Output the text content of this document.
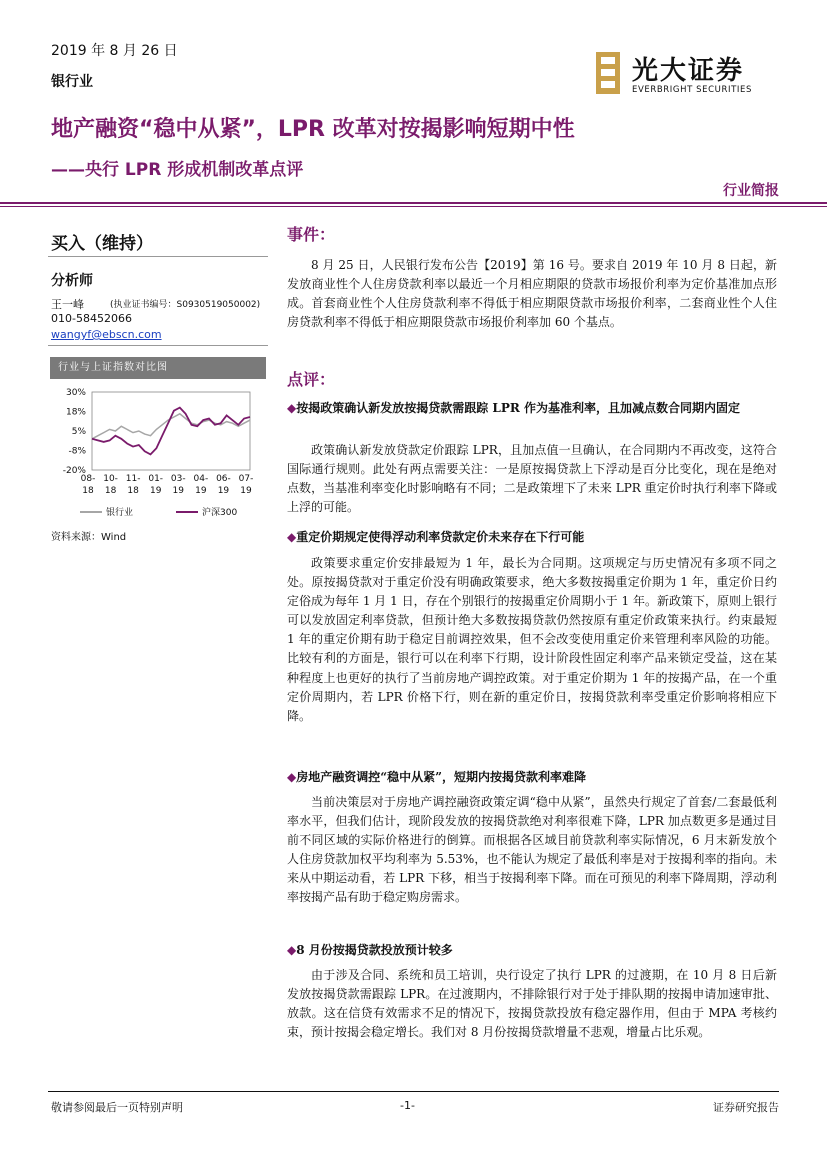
2019 年 8 月 26 日
银行业	光大证券
EVERBRIGHT SECURITIES
地产融资“稳中从紧”，LPR 改革对按揭影响短期中性
——央行 LPR 形成机制改革点评
行业简报
买入（维持）
分析师
王一峰	(执业证书编号：S0930519050002)
010-58452066
wangyf@ebscn.com
行业与上证指数对比图
30%
18%
5%
-8%
-20%
08-
18
10-
18
11-
18
01-
19
03-
19
04-
19
06-
19
07-
19
银行业	沪深300
资料来源：Wind
事件：

8 月 25 日，人民银行发布公告【2019】第 16 号。要求自 2019 年 10 月 8 日起，新发放商业性个人住房贷款利率以最近一个月相应期限的贷款市场报价利率为定价基准加点形成。首套商业性个人住房贷款利率不得低于相应期限贷款市场报价利率，二套商业性个人住房贷款利率不得低于相应期限贷款市场报价利率加 60 个基点。

点评：
◆按揭政策确认新发放按揭贷款需跟踪 LPR 作为基准利率，且加减点数合同期内固定

政策确认新发放贷款定价跟踪 LPR，且加点值一旦确认，在合同期内不再改变，这符合国际通行规则。此处有两点需要关注：一是原按揭贷款上下浮动是百分比变化，现在是绝对点数，当基准利率变化时影响略有不同；二是政策埋下了未来 LPR 重定价时执行利率下降或上浮的可能。

◆重定价期规定使得浮动利率贷款定价未来存在下行可能

政策要求重定价安排最短为 1 年，最长为合同期。这项规定与历史情况有多项不同之处。原按揭贷款对于重定价没有明确政策要求，绝大多数按揭重定价期为 1 年，重定价日约定俗成为每年 1 月 1 日，存在个别银行的按揭重定价周期小于 1 年。新政策下，原则上银行可以发放固定利率贷款，但预计绝大多数按揭贷款仍然按原有重定价政策来执行。约束最短 1 年的重定价期有助于稳定目前调控效果，但不会改变使用重定价来管理利率风险的功能。比较有利的方面是，银行可以在利率下行期，设计阶段性固定利率产品来锁定受益，这在某种程度上也更好的执行了当前房地产调控政策。对于重定价期为 1 年的按揭产品，在一个重定价周期内，若 LPR 价格下行，则在新的重定价日，按揭贷款利率受重定价影响将相应下降。

◆房地产融资调控“稳中从紧”，短期内按揭贷款利率难降

当前决策层对于房地产调控融资政策定调“稳中从紧”，虽然央行规定了首套/二套最低利率水平，但我们估计，现阶段发放的按揭贷款绝对利率很难下降，LPR 加点数更多是通过目前不同区域的实际价格进行的倒算。而根据各区域目前贷款利率实际情况，6 月末新发放个人住房贷款加权平均利率为 5.53%，也不能认为规定了最低利率是对于按揭利率的指向。未来从中期运动看，若 LPR 下移，相当于按揭利率下降。而在可预见的利率下降周期，浮动利率按揭产品有助于稳定购房需求。

◆8 月份按揭贷款投放预计较多

由于涉及合同、系统和员工培训，央行设定了执行 LPR 的过渡期，在 10 月 8 日后新发放按揭贷款需跟踪 LPR。在过渡期内，不排除银行对于处于排队期的按揭申请加速审批、放款。这在信贷有效需求不足的情况下，按揭贷款投放有稳定器作用，但由于 MPA 考核约束，预计按揭会稳定增长。我们对 8 月份按揭贷款增量不悲观，增量占比乐观。

敬请参阅最后一页特别声明	-1-	证券研究报告
